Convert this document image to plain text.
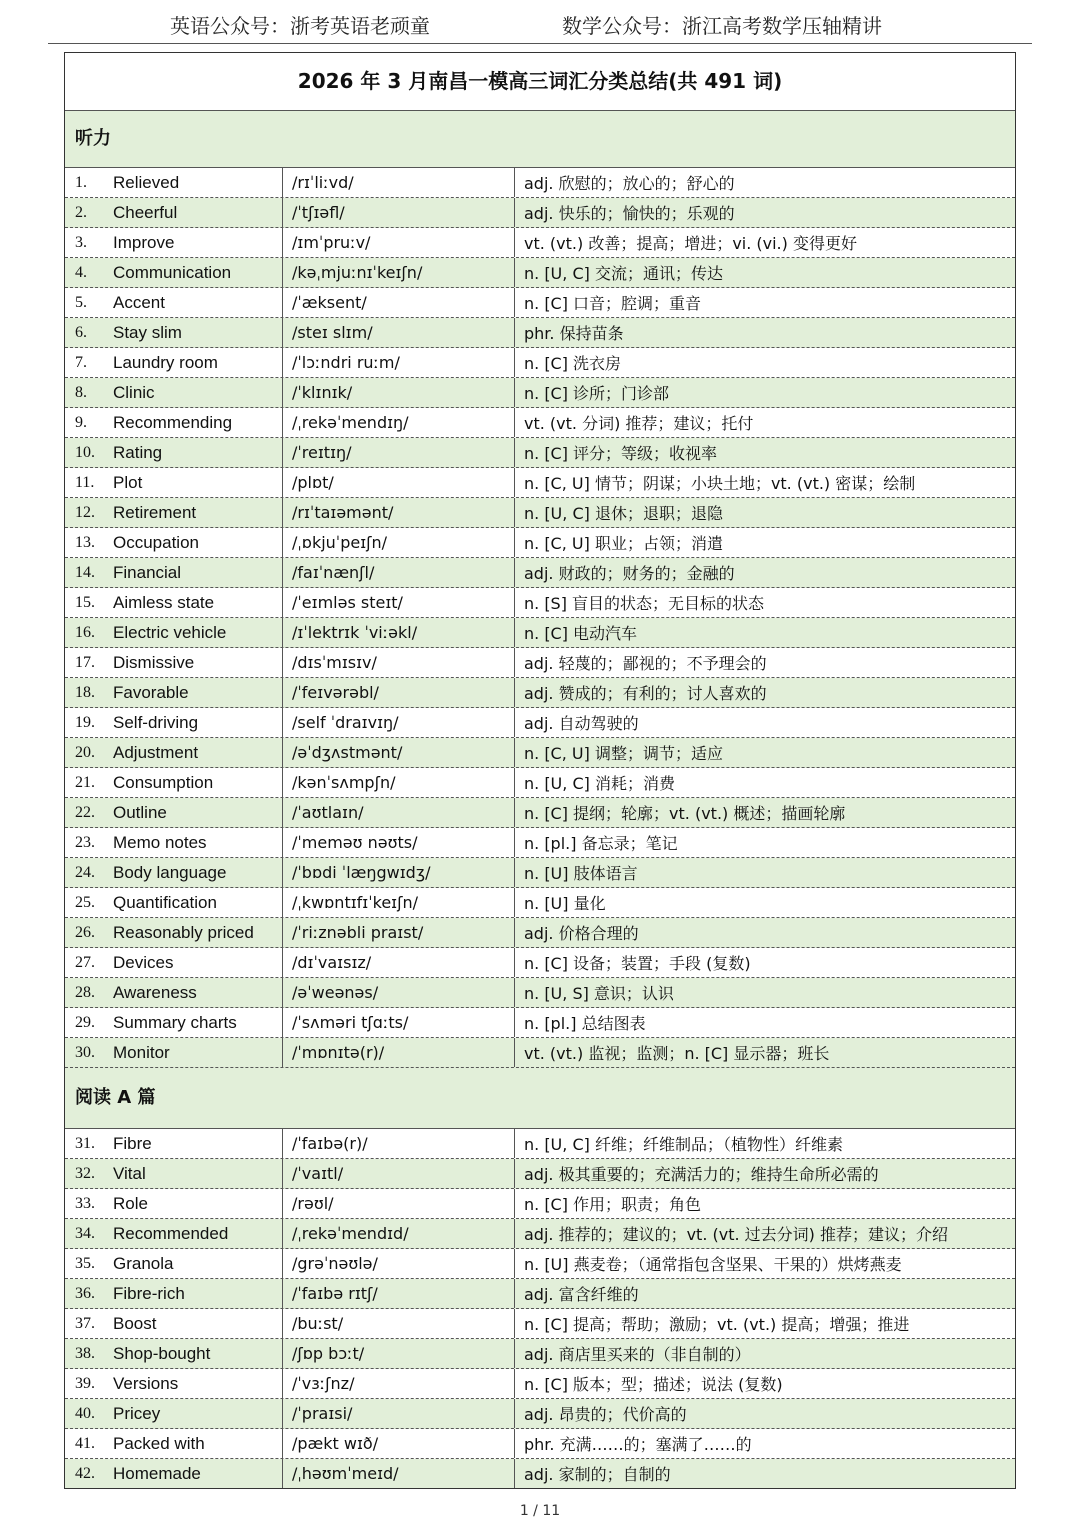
英语公众号：浙考英语老顽童	数学公众号：浙江高考数学压轴精讲
2026 年 3 月南昌一模高三词汇分类总结(共 491 词)
听力
1.	Relieved	/rɪˈliːvd/	adj. 欣慰的；放心的；舒心的
2.	Cheerful	/ˈtʃɪəfl/	adj. 快乐的；愉快的；乐观的
3.	Improve	/ɪmˈpruːv/	vt. (vt.) 改善；提高；增进；vi. (vi.) 变得更好
4.	Communication	/kəˌmjuːnɪˈkeɪʃn/	n. [U, C] 交流；通讯；传达
5.	Accent	/ˈæksent/	n. [C] 口音；腔调；重音
6.	Stay slim	/steɪ slɪm/	phr. 保持苗条
7.	Laundry room	/ˈlɔːndri ruːm/	n. [C] 洗衣房
8.	Clinic	/ˈklɪnɪk/	n. [C] 诊所；门诊部
9.	Recommending	/ˌrekəˈmendɪŋ/	vt. (vt. 分词) 推荐；建议；托付
10.	Rating	/ˈreɪtɪŋ/	n. [C] 评分；等级；收视率
11.	Plot	/plɒt/	n. [C, U] 情节；阴谋；小块土地；vt. (vt.) 密谋；绘制
12.	Retirement	/rɪˈtaɪəmənt/	n. [U, C] 退休；退职；退隐
13.	Occupation	/ˌɒkjuˈpeɪʃn/	n. [C, U] 职业；占领；消遣
14.	Financial	/faɪˈnænʃl/	adj. 财政的；财务的；金融的
15.	Aimless state	/ˈeɪmləs steɪt/	n. [S] 盲目的状态；无目标的状态
16.	Electric vehicle	/ɪˈlektrɪk ˈviːəkl/	n. [C] 电动汽车
17.	Dismissive	/dɪsˈmɪsɪv/	adj. 轻蔑的；鄙视的；不予理会的
18.	Favorable	/ˈfeɪvərəbl/	adj. 赞成的；有利的；讨人喜欢的
19.	Self-driving	/self ˈdraɪvɪŋ/	adj. 自动驾驶的
20.	Adjustment	/əˈdʒʌstmənt/	n. [C, U] 调整；调节；适应
21.	Consumption	/kənˈsʌmpʃn/	n. [U, C] 消耗；消费
22.	Outline	/ˈaʊtlaɪn/	n. [C] 提纲；轮廓；vt. (vt.) 概述；描画轮廓
23.	Memo notes	/ˈmeməʊ nəʊts/	n. [pl.] 备忘录；笔记
24.	Body language	/ˈbɒdi ˈlæŋgwɪdʒ/	n. [U] 肢体语言
25.	Quantification	/ˌkwɒntɪfɪˈkeɪʃn/	n. [U] 量化
26.	Reasonably priced	/ˈriːznəbli praɪst/	adj. 价格合理的
27.	Devices	/dɪˈvaɪsɪz/	n. [C] 设备；装置；手段 (复数)
28.	Awareness	/əˈweənəs/	n. [U, S] 意识；认识
29.	Summary charts	/ˈsʌməri tʃɑːts/	n. [pl.] 总结图表
30.	Monitor	/ˈmɒnɪtə(r)/	vt. (vt.) 监视；监测；n. [C] 显示器；班长
阅读 A 篇
31.	Fibre	/ˈfaɪbə(r)/	n. [U, C] 纤维；纤维制品；（植物性）纤维素
32.	Vital	/ˈvaɪtl/	adj. 极其重要的；充满活力的；维持生命所必需的
33.	Role	/rəʊl/	n. [C] 作用；职责；角色
34.	Recommended	/ˌrekəˈmendɪd/	adj. 推荐的；建议的；vt. (vt. 过去分词) 推荐；建议；介绍
35.	Granola	/grəˈnəʊlə/	n. [U] 燕麦卷；（通常指包含坚果、干果的）烘烤燕麦
36.	Fibre-rich	/ˈfaɪbə rɪtʃ/	adj. 富含纤维的
37.	Boost	/buːst/	n. [C] 提高；帮助；激励；vt. (vt.) 提高；增强；推进
38.	Shop-bought	/ʃɒp bɔːt/	adj. 商店里买来的（非自制的）
39.	Versions	/ˈvɜːʃnz/	n. [C] 版本；型；描述；说法 (复数)
40.	Pricey	/ˈpraɪsi/	adj. 昂贵的；代价高的
41.	Packed with	/pækt wɪð/	phr. 充满……的；塞满了……的
42.	Homemade	/ˌhəʊmˈmeɪd/	adj. 家制的；自制的
1 / 11
